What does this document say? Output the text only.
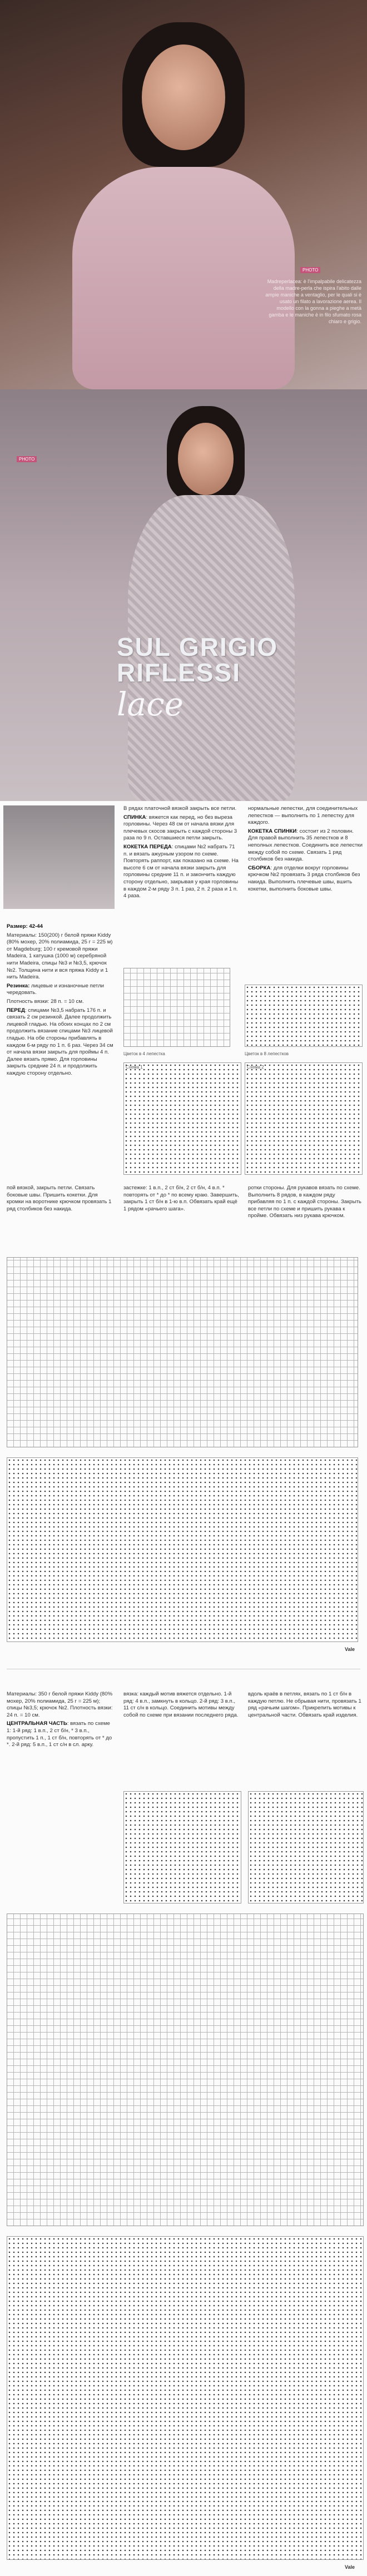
PHOTO
Madreperlacea: è l'impalpabile delicatezza della madre-perla che ispira l'abito dalle ampie maniche a ventaglio, per le quali si è usato un filato a lavorazione aerea. Il modello con la gonna a pieghe a metà gamba e le maniche è in filo sfumato rosa chiaro e grigio.
PHOTO
SUL GRIGIO RIFLESSI
lace

Размер: 42-44

Материалы: 150(200) г белой пряжи Kiddy (80% мохер, 20% полиамида, 25 г = 225 м) от Magdeburg; 100 г кремовой пряжи Madeira, 1 катушка (1000 м) серебряной нити Madeira, спицы №3 и №3,5, крючок №2. Толщина нити и вся пряжа Kiddy и 1 нить Madeira.

Резинка: лицевые и изнаночные петли чередовать.

Плотность вязки: 28 п. = 10 см.

ПЕРЕД: спицами №3,5 набрать 176 п. и связать 2 см резинкой. Далее продолжить лицевой гладью. На обоих концах по 2 см продолжить вязание спицами №3 лицевой гладью. На обе стороны прибавлять в каждом 6-м ряду по 1 п. 6 раз. Через 34 см от начала вязки закрыть для проймы 4 п. Далее вязать прямо. Для горловины закрыть средние 24 п. и продолжить каждую сторону отдельно.

В рядах платочной вязкой закрыть все петли.

СПИНКА: вяжется как перед, но без выреза горловины. Через 48 см от начала вязки для плечевых скосов закрыть с каждой стороны 3 раза по 9 п. Оставшиеся петли закрыть.

КОКЕТКА ПЕРЕДА: спицами №2 набрать 71 п. и вязать ажурным узором по схеме. Повторять раппорт, как показано на схеме. На высоте 6 см от начала вязки закрыть для горловины средние 11 п. и закончить каждую сторону отдельно, закрывая у края горловины в каждом 2-м ряду 3 п. 1 раз, 2 п. 2 раза и 1 п. 4 раза.

нормальные лепестки, для соединительных лепестков — выполнить по 1 лепестку для каждого.

КОКЕТКА СПИНКИ: состоит из 2 половин. Для правой выполнить 35 лепестков и 8 неполных лепестков. Соединить все лепестки между собой по схеме. Связать 1 ряд столбиков без накида.

СБОРКА: для отделки вокруг горловины крючком №2 провязать 3 ряда столбиков без накида. Выполнить плечевые швы, вшить кокетки, выполнить боковые швы.

Цветок в 4 лепестка	Цветок в 8 лепестков
Схема 1	Схема 2
пой вязкой, закрыть петли. Связать боковые швы. Пришить кокетки. Для кромки на воротнике крючком провязать 1 ряд столбиков без накида.
застежке: 1 в.п., 2 ст б/н, 2 ст б/н, 4 в.п. * повторять от * до * по всему краю. Завершить, закрыть 1 ст б/н в 1-ю в.п. Обвязать край ещё 1 рядом «рачьего шага».
ротки стороны. Для рукавов вязать по схеме. Выполнить 8 рядов, в каждом ряду прибавляя по 1 п. с каждой стороны. Закрыть все петли по схеме и пришить рукава к пройме. Обвязать низ рукава крючком.
Vale

Материалы: 350 г белой пряжи Kiddy (80% мохер, 20% полиамида, 25 г = 225 м); спицы №3,5; крючок №2. Плотность вязки: 24 п. = 10 см.

ЦЕНТРАЛЬНАЯ ЧАСТЬ: вязать по схеме 1: 1-й ряд: 1 в.п., 2 ст б/н, * 3 в.п., пропустить 1 п., 1 ст б/н, повторять от * до *. 2-й ряд: 5 в.п., 1 ст с/н в сл. арку.

вязка: каждый мотив вяжется отдельно. 1-й ряд: 4 в.п., замкнуть в кольцо. 2-й ряд: 3 в.п., 11 ст с/н в кольцо. Соединить мотивы между собой по схеме при вязании последнего ряда.
вдоль краёв в петлях, вязать по 1 ст б/н в каждую петлю. Не обрывая нити, провязать 1 ряд «рачьим шагом». Прикрепить мотивы к центральной части. Обвязать край изделия.
Vale
